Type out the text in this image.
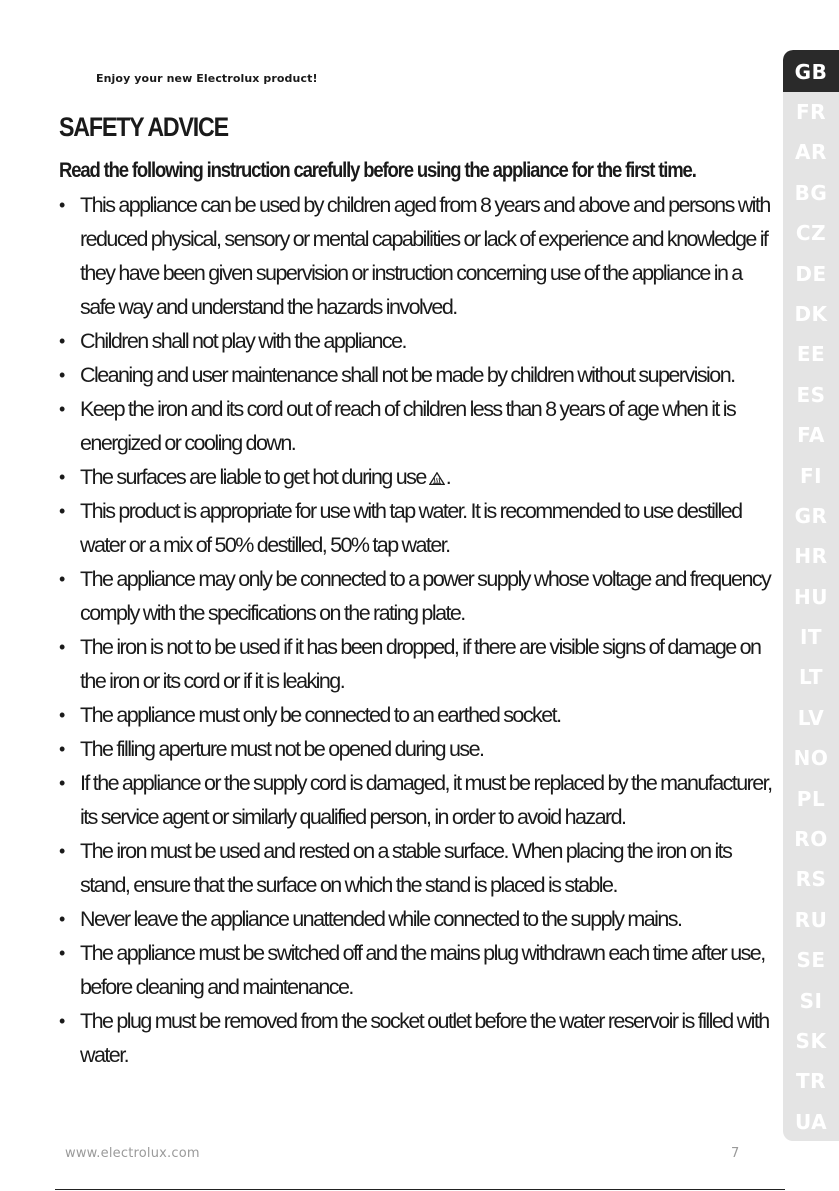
Enjoy your new Electrolux product!
SAFETY ADVICE
Read the following instruction carefully before using the appliance for the first time.
• This appliance can be used by children aged from 8 years and above and persons with reduced physical, sensory or mental capabilities or lack of experience and knowledge if they have been given supervision or instruction concerning use of the appliance in a safe way and understand the hazards involved.
• Children shall not play with the appliance.
• Cleaning and user maintenance shall not be made by children without supervision.
• Keep the iron and its cord out of reach of children less than 8 years of age when it is energized or cooling down.
• The surfaces are liable to get hot during use .
• This product is appropriate for use with tap water. It is recommended to use destilled water or a mix of 50% destilled, 50% tap water.
• The appliance may only be connected to a power supply whose voltage and frequency comply with the specifications on the rating plate.
• The iron is not to be used if it has been dropped, if there are visible signs of damage on the iron or its cord or if it is leaking.
• The appliance must only be connected to an earthed socket.
• The filling aperture must not be opened during use.
• If the appliance or the supply cord is damaged, it must be replaced by the manufacturer, its service agent or similarly qualified person, in order to avoid hazard.
• The iron must be used and rested on a stable surface. When placing the iron on its stand, ensure that the surface on which the stand is placed is stable.
• Never leave the appliance unattended while connected to the supply mains.
• The appliance must be switched off and the mains plug withdrawn each time after use, before cleaning and maintenance.
• The plug must be removed from the socket outlet before the water reservoir is filled with water.
GB
FR
AR
BG
CZ
DE
DK
EE
ES
FA
FI
GR
HR
HU
IT
LT
LV
NO
PL
RO
RS
RU
SE
SI
SK
TR
UA
www.electrolux.com	7
